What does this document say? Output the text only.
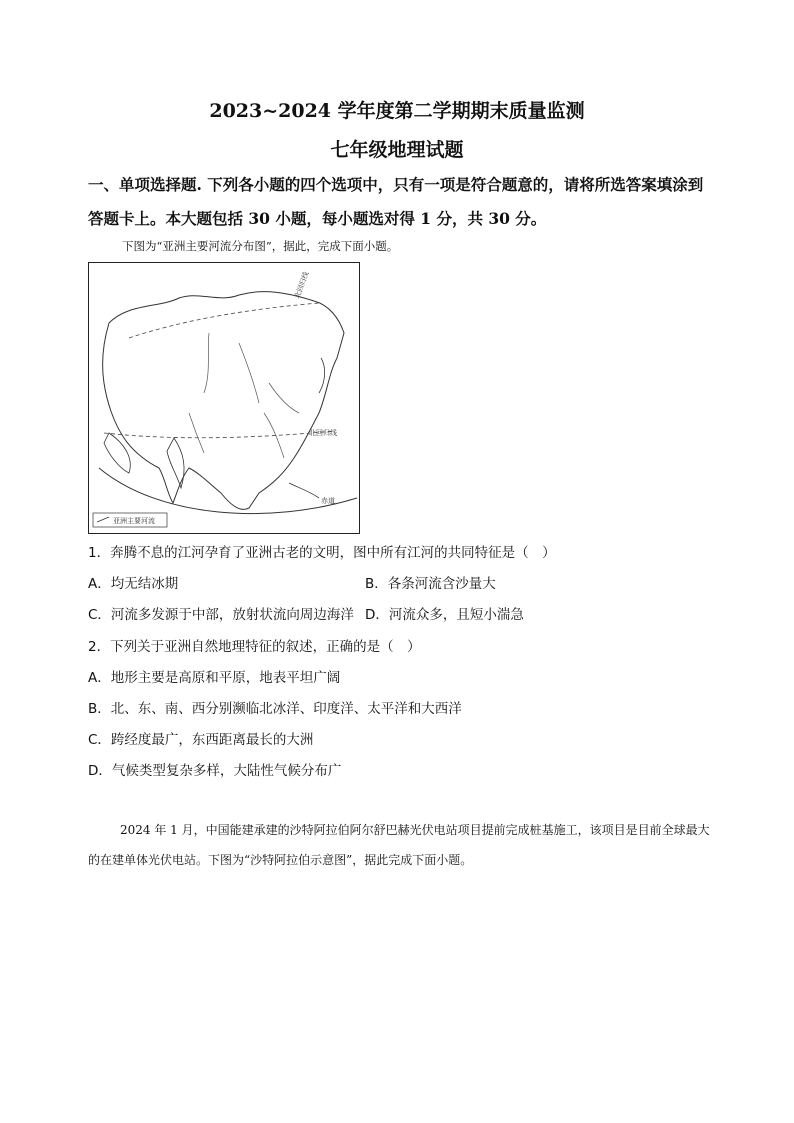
2023~2024 学年度第二学期期末质量监测
七年级地理试题
一、单项选择题. 下列各小题的四个选项中，只有一项是符合题意的，请将所选答案填涂到答题卡上。本大题包括 30 小题，每小题选对得 1 分，共 30 分。
下图为“亚洲主要河流分布图”，据此，完成下面小题。
北回归线
北回归线
赤道
亚洲主要河流
1．奔腾不息的江河孕育了亚洲古老的文明，图中所有江河的共同特征是（　）
A．均无结冰期	B．各条河流含沙量大
C．河流多发源于中部，放射状流向周边海洋 D．河流众多，且短小湍急
2．下列关于亚洲自然地理特征的叙述，正确的是（　）
A．地形主要是高原和平原，地表平坦广阔
B．北、东、南、西分别濒临北冰洋、印度洋、太平洋和大西洋
C．跨经度最广，东西距离最长的大洲
D．气候类型复杂多样，大陆性气候分布广
2024 年 1 月，中国能建承建的沙特阿拉伯阿尔舒巴赫光伏电站项目提前完成桩基施工，该项目是目前全球最大的在建单体光伏电站。下图为“沙特阿拉伯示意图”，据此完成下面小题。
